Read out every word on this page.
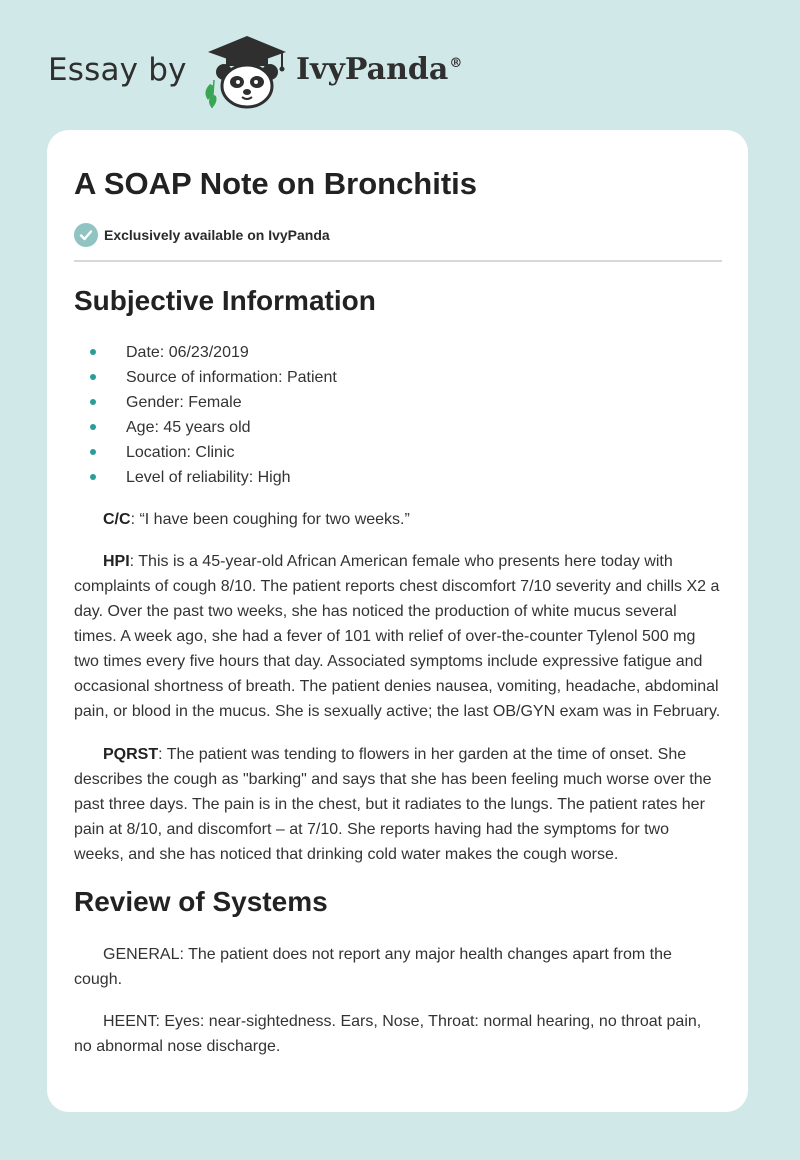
Essay by	IvyPanda®
A SOAP Note on Bronchitis
Exclusively available on IvyPanda
Subjective Information
Date: 06/23/2019
Source of information: Patient
Gender: Female
Age: 45 years old
Location: Clinic
Level of reliability: High

C/C: “I have been coughing for two weeks.”

HPI: This is a 45-year-old African American female who presents here today with complaints of cough 8/10. The patient reports chest discomfort 7/10 severity and chills X2 a day. Over the past two weeks, she has noticed the production of white mucus several times. A week ago, she had a fever of 101 with relief of over-the-counter Tylenol 500 mg two times every five hours that day. Associated symptoms include expressive fatigue and occasional shortness of breath. The patient denies nausea, vomiting, headache, abdominal pain, or blood in the mucus. She is sexually active; the last OB/GYN exam was in February.

PQRST: The patient was tending to flowers in her garden at the time of onset. She describes the cough as "barking" and says that she has been feeling much worse over the past three days. The pain is in the chest, but it radiates to the lungs. The patient rates her pain at 8/10, and discomfort – at 7/10. She reports having had the symptoms for two weeks, and she has noticed that drinking cold water makes the cough worse.

Review of Systems

GENERAL: The patient does not report any major health changes apart from the cough.

HEENT: Eyes: near-sightedness. Ears, Nose, Throat: normal hearing, no throat pain, no abnormal nose discharge.
